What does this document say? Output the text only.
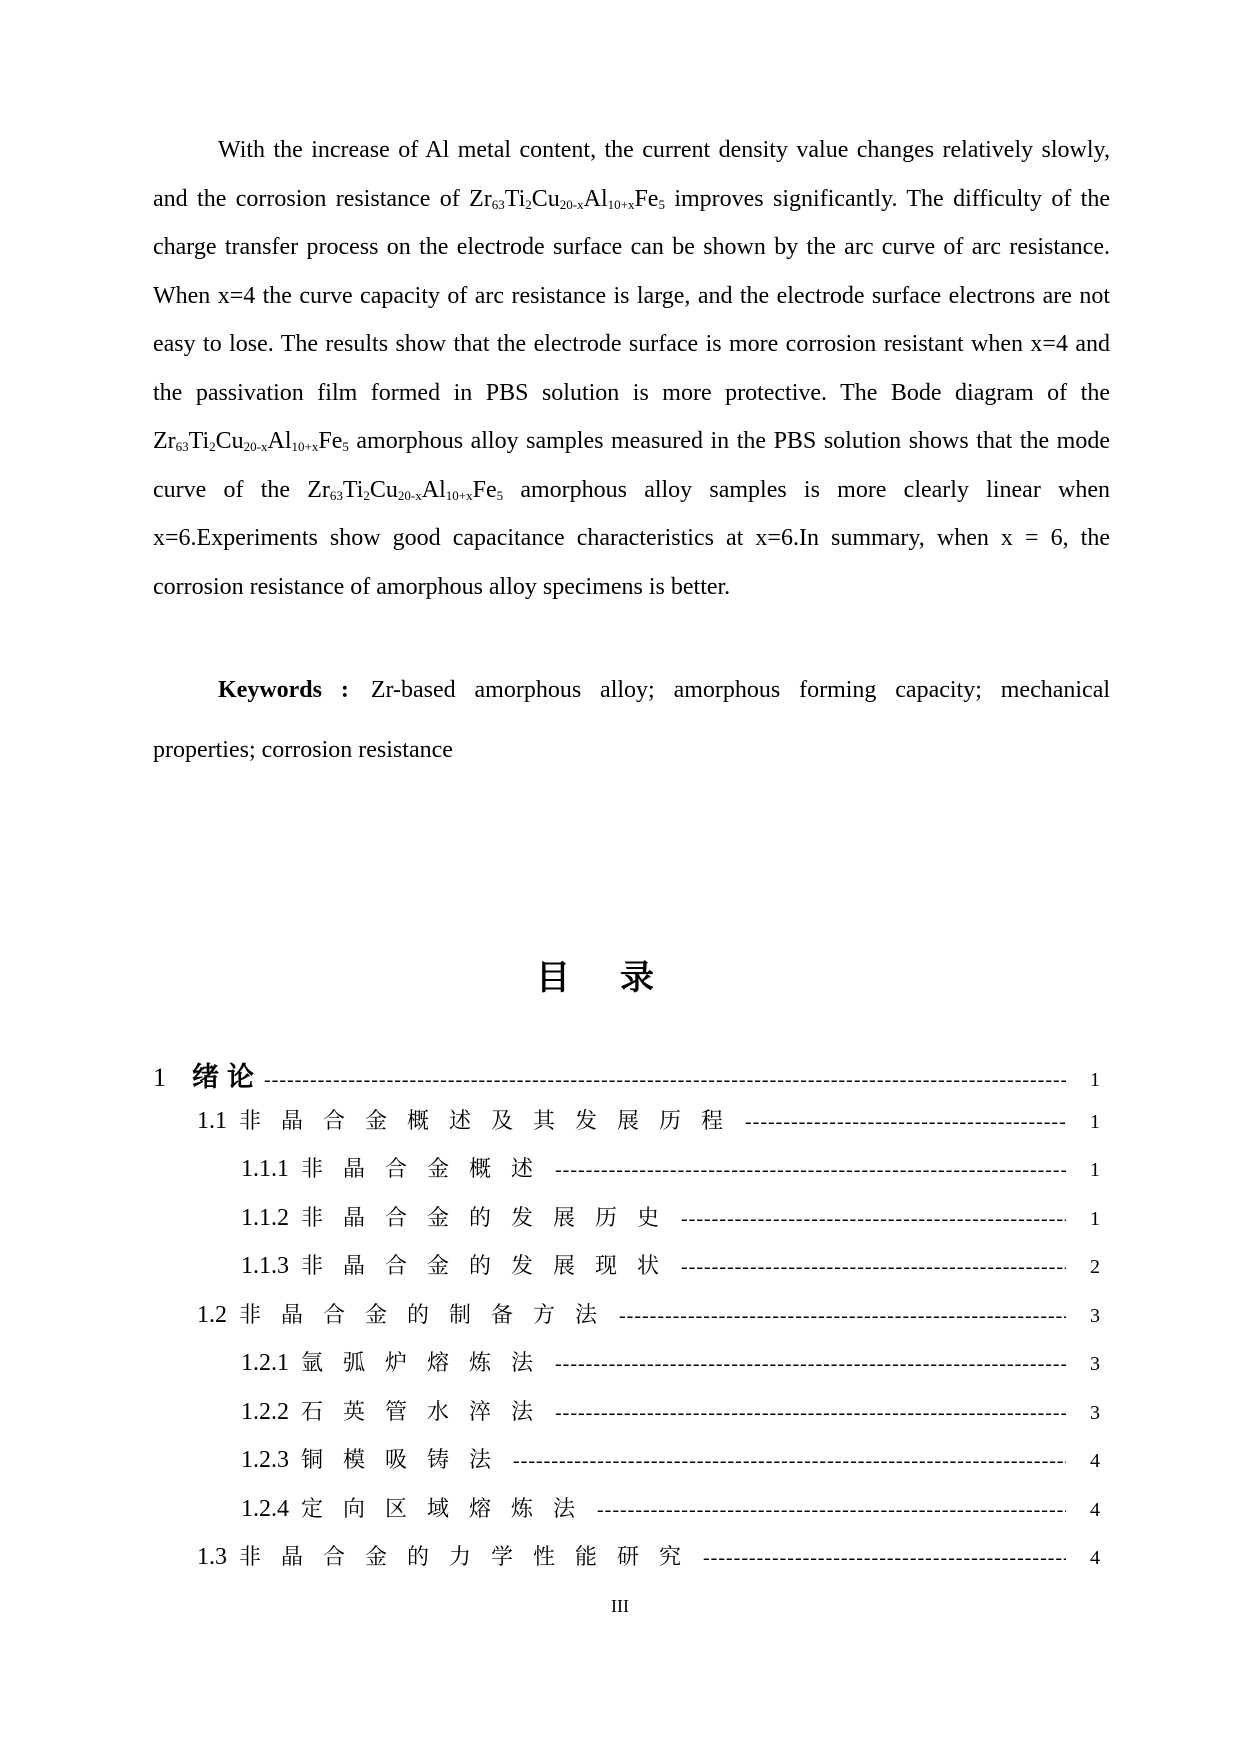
With the increase of Al metal content, the current density value changes relatively slowly, and the corrosion resistance of $Zr_{63}Ti_2Cu_{20-x}Al_{10+x}Fe_5$ improves significantly. The difficulty of the charge transfer process on the electrode surface can be shown by the arc curve of arc resistance. When x=4 the curve capacity of arc resistance is large, and the electrode surface electrons are not easy to lose. The results show that the electrode surface is more corrosion resistant when x=4 and the passivation film formed in PBS solution is more protective. The Bode diagram of the $Zr_{63}Ti_2Cu_{20-x}Al_{10+x}Fe_5$ amorphous alloy samples measured in the PBS solution shows that the mode curve of the $Zr_{63}Ti_2Cu_{20-x}Al_{10+x}Fe_5$ amorphous alloy samples is more clearly linear when x=6.Experiments show good capacitance characteristics at x=6.In summary, when x = 6, the corrosion resistance of amorphous alloy specimens is better.

Keywords : Zr-based amorphous alloy; amorphous forming capacity; mechanical properties; corrosion resistance

目录
1 绪论 -----	1
1.1 非晶合金概述及其发展历程 -----	1
1.1.1 非晶合金概述 -----	1
1.1.2 非晶合金的发展历史 -----	1
1.1.3 非晶合金的发展现状 -----	2
1.2 非晶合金的制备方法 -----	3
1.2.1 氩弧炉熔炼法 -----	3
1.2.2 石英管水淬法 -----	3
1.2.3 铜模吸铸法 -----	4
1.2.4 定向区域熔炼法 -----	4
1.3 非晶合金的力学性能研究 -----	4
III
